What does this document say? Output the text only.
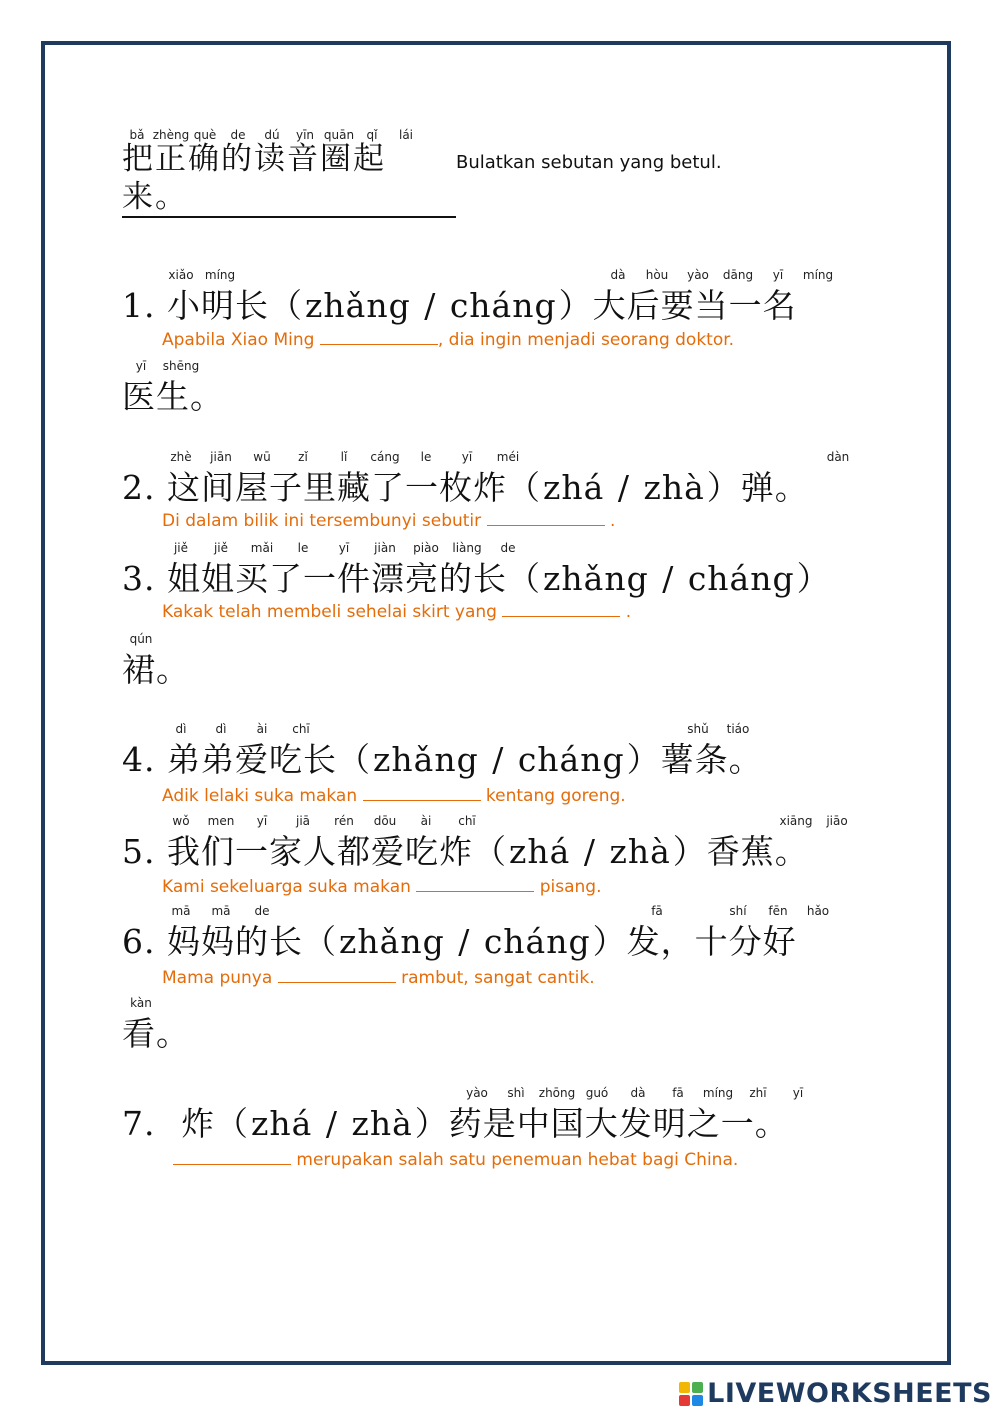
bǎ zhèng què de dú yīn quān qǐ lái
把正确的读音圈起来。
Bulatkan sebutan yang betul.
xiǎo míng	dà hòu yào dāng yī míng
1. 小明长（zhǎng / cháng）大后要当一名
Apabila Xiao Ming	, dia ingin menjadi seorang doktor.
yī shēng
医生。
zhè jiān wū zǐ	lǐ cáng le	yī méi	dàn
2. 这间屋子里藏了一枚炸（zhá / zhà）弹。
Di dalam bilik ini tersembunyi sebutir	.
jiě jiě mǎi le	yī jiàn piào liàng de
3. 姐姐买了一件漂亮的长（zhǎng / cháng）
Kakak telah membeli sehelai skirt yang	.
qún
裙。
dì dì	ài chī	shǔ tiáo
4. 弟弟爱吃长（zhǎng / cháng）薯条。
Adik lelaki suka makan	kentang goreng.
wǒ men yī jiā rén dōu ài chī	xiāng jiāo
5. 我们一家人都爱吃炸（zhá / zhà）香蕉。
Kami sekeluarga suka makan	pisang.
mā mā de	fā	shí fēn hǎo
6. 妈妈的长（zhǎng / cháng）发，十分好
Mama punya	rambut, sangat cantik.
kàn
看。
yào shì zhōng guó dà fā míng zhī yī
7. 炸（zhá / zhà）药是中国大发明之一。
merupakan salah satu penemuan hebat bagi China.
LIVEWORKSHEETS
